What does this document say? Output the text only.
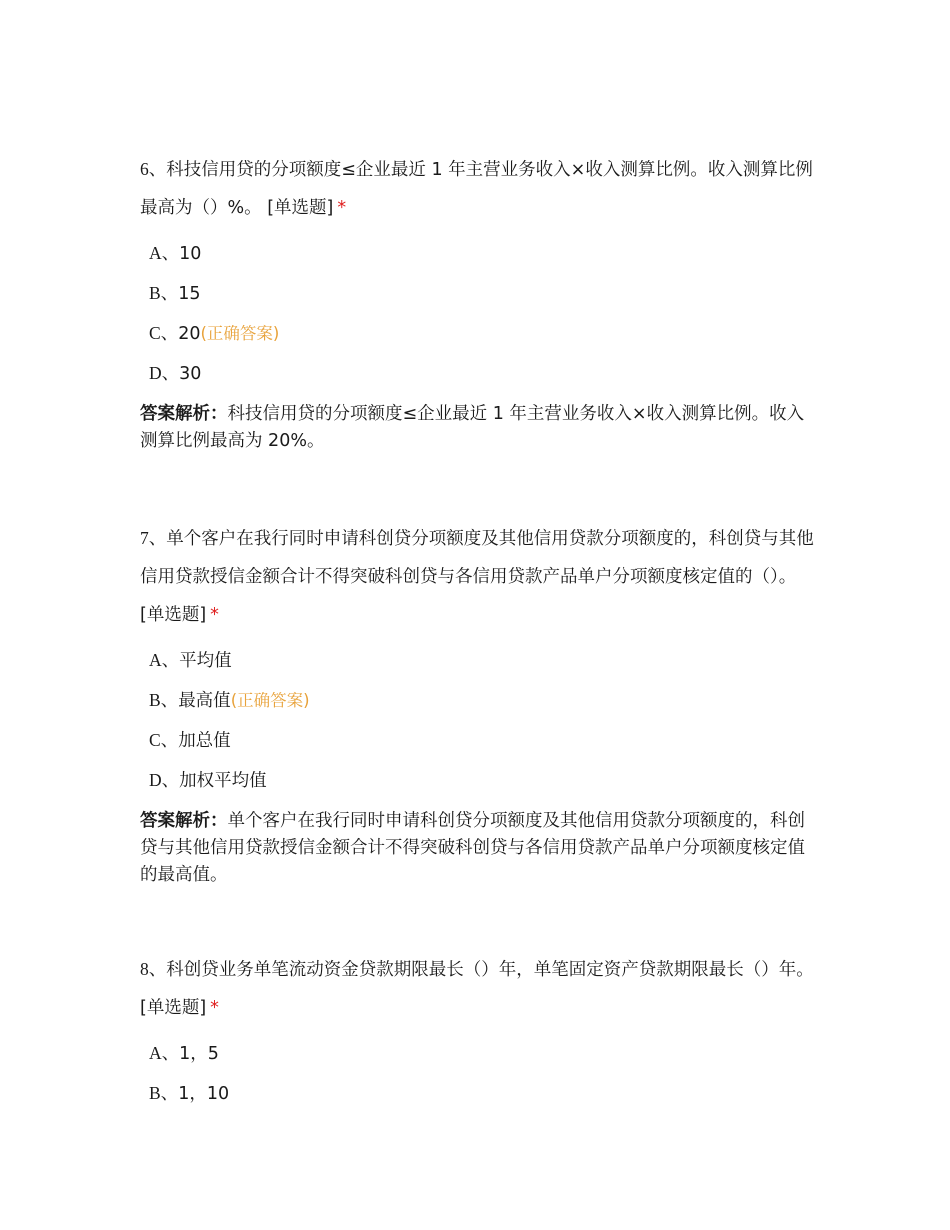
6、科技信用贷的分项额度≤企业最近 1 年主营业务收入×收入测算比例。收入测算比例最高为（）%。 [单选题] *

A、10
B、15
C、20(正确答案)
D、30
答案解析：科技信用贷的分项额度≤企业最近 1 年主营业务收入×收入测算比例。收入测算比例最高为 20%。

7、单个客户在我行同时申请科创贷分项额度及其他信用贷款分项额度的，科创贷与其他信用贷款授信金额合计不得突破科创贷与各信用贷款产品单户分项额度核定值的（）。 [单选题] *

A、平均值
B、最高值(正确答案)
C、加总值
D、加权平均值
答案解析：单个客户在我行同时申请科创贷分项额度及其他信用贷款分项额度的，科创贷与其他信用贷款授信金额合计不得突破科创贷与各信用贷款产品单户分项额度核定值的最高值。

8、科创贷业务单笔流动资金贷款期限最长（）年，单笔固定资产贷款期限最长（）年。 [单选题] *

A、1，5
B、1，10
